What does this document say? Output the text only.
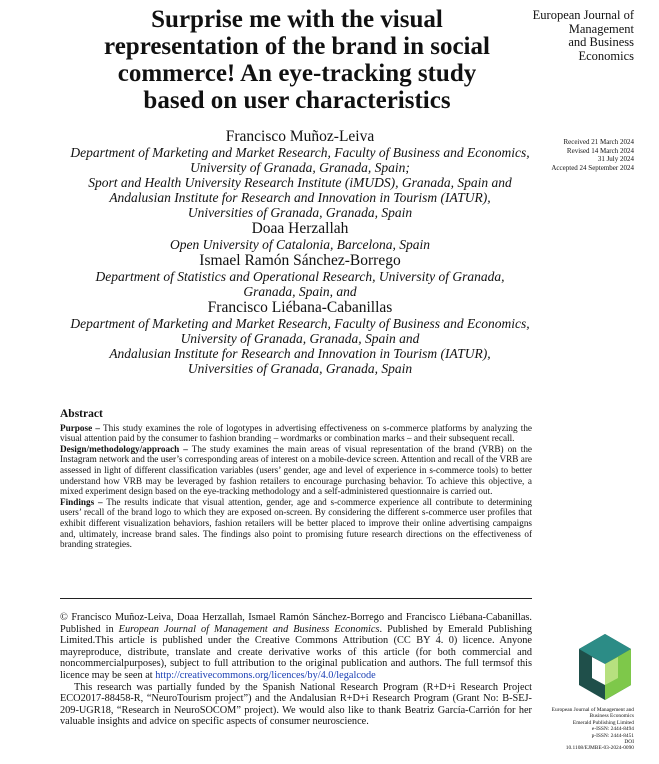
Surprise me with the visual
representation of the brand in social
commerce! An eye-tracking study
based on user characteristics
European Journal of
Management
and Business
Economics
Received 21 March 2024
Revised 14 March 2024
31 July 2024
Accepted 24 September 2024
Francisco Muñoz-Leiva
Department of Marketing and Market Research, Faculty of Business and Economics,
University of Granada, Granada, Spain;
Sport and Health University Research Institute (iMUDS), Granada, Spain and
Andalusian Institute for Research and Innovation in Tourism (IATUR),
Universities of Granada, Granada, Spain
Doaa Herzallah
Open University of Catalonia, Barcelona, Spain
Ismael Ramón Sánchez-Borrego
Department of Statistics and Operational Research, University of Granada,
Granada, Spain, and
Francisco Liébana-Cabanillas
Department of Marketing and Market Research, Faculty of Business and Economics,
University of Granada, Granada, Spain and
Andalusian Institute for Research and Innovation in Tourism (IATUR),
Universities of Granada, Granada, Spain
Abstract

Purpose – This study examines the role of logotypes in advertising effectiveness on s-commerce platforms by analyzing the visual attention paid by the consumer to fashion branding – wordmarks or combination marks – and their subsequent recall.

Design/methodology/approach – The study examines the main areas of visual representation of the brand (VRB) on the Instagram network and the user’s corresponding areas of interest on a mobile-device screen. Attention and recall of the VRB are assessed in light of different classification variables (users’ gender, age and level of experience in s-commerce tools) to better understand how VRB may be leveraged by fashion retailers to encourage purchasing behavior. To achieve this objective, a mixed experiment design based on the eye-tracking methodology and a self-administered questionnaire is carried out.

Findings – The results indicate that visual attention, gender, age and s-commerce experience all contribute to determining users’ recall of the brand logo to which they are exposed on-screen. By considering the different s-commerce user profiles that exhibit different visualization behaviors, fashion retailers will be better placed to improve their online advertising campaigns and, ultimately, increase brand sales. The findings also point to promising future research directions on the effectiveness of branding strategies.

© Francisco Muñoz-Leiva, Doaa Herzallah, Ismael Ramón Sánchez-Borrego and Francisco Liébana-Cabanillas. Published in European Journal of Management and Business Economics. Published by Emerald Publishing Limited.This article is published under the Creative Commons Attribution (CC BY 4. 0) licence. Anyone mayreproduce, distribute, translate and create derivative works of this article (for both commercial and noncommercialpurposes), subject to full attribution to the original publication and authors. The full termsof this licence may be seen at http://creativecommons.org/licences/by/4.0/legalcode

This research was partially funded by the Spanish National Research Program (R+D+i Research Project ECO2017-88458-R, “NeuroTourism project”) and the Andalusian R+D+i Research Program (Grant No: B-SEJ-209-UGR18, “Research in NeuroSOCOM” project). We would also like to thank Beatriz García-Carrión for her valuable insights and advice on specific aspects of consumer neuroscience.

European Journal of Management and
Business Economics
Emerald Publishing Limited
e-ISSN: 2444-8494
p-ISSN: 2444-8451
DOI
10.1108/EJMBE-03-2024-0090
